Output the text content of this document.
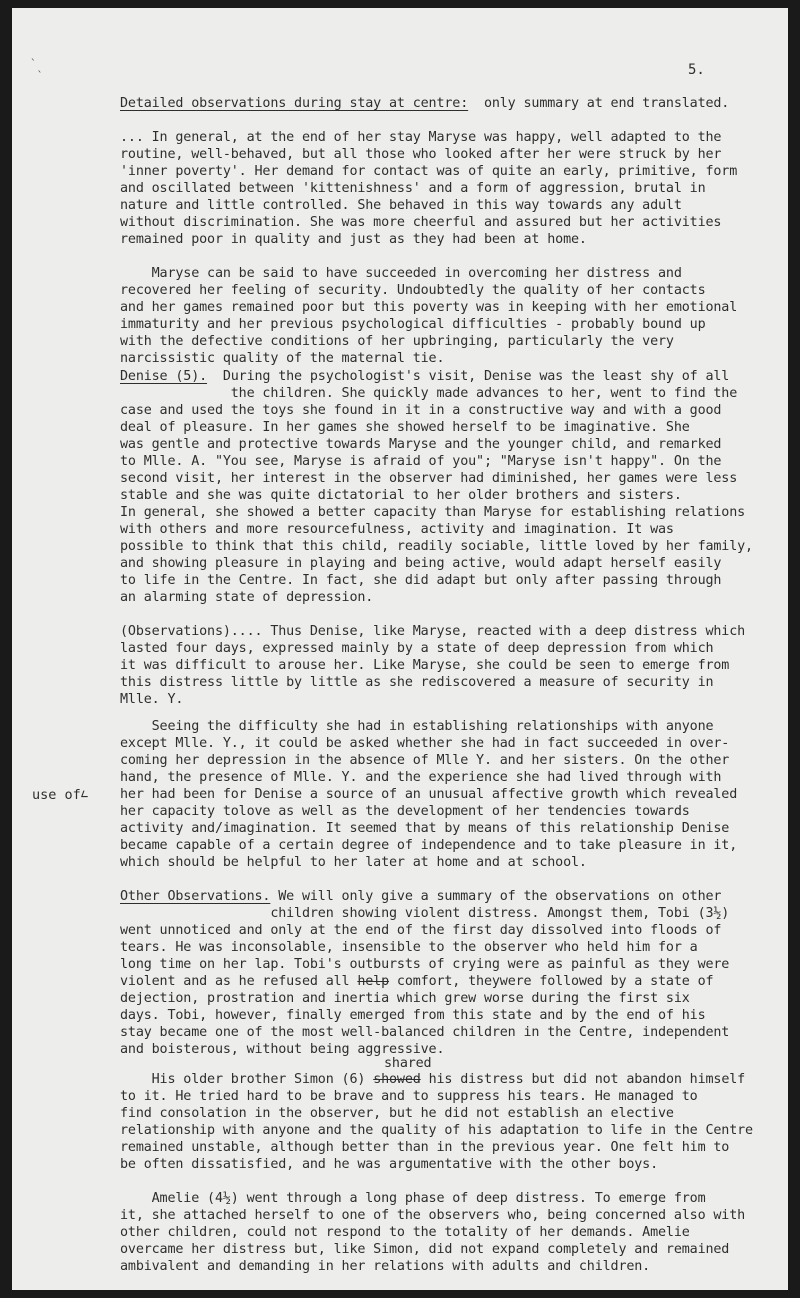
`
`	5.
Detailed observations during stay at centre:  only summary at end translated.
... In general, at the end of her stay Maryse was happy, well adapted to the
routine, well-behaved, but all those who looked after her were struck by her
'inner poverty'. Her demand for contact was of quite an early, primitive, form
and oscillated between 'kittenishness' and a form of aggression, brutal in
nature and little controlled. She behaved in this way towards any adult
without discrimination. She was more cheerful and assured but her activities
remained poor in quality and just as they had been at home.
Maryse can be said to have succeeded in overcoming her distress and
recovered her feeling of security. Undoubtedly the quality of her contacts
and her games remained poor but this poverty was in keeping with her emotional
immaturity and her previous psychological difficulties - probably bound up
with the defective conditions of her upbringing, particularly the very
narcissistic quality of the maternal tie.
Denise (5).  During the psychologist's visit, Denise was the least shy of all
the children. She quickly made advances to her, went to find the
case and used the toys she found in it in a constructive way and with a good
deal of pleasure. In her games she showed herself to be imaginative. She
was gentle and protective towards Maryse and the younger child, and remarked
to Mlle. A. "You see, Maryse is afraid of you"; "Maryse isn't happy". On the
second visit, her interest in the observer had diminished, her games were less
stable and she was quite dictatorial to her older brothers and sisters.
In general, she showed a better capacity than Maryse for establishing relations
with others and more resourcefulness, activity and imagination. It was
possible to think that this child, readily sociable, little loved by her family,
and showing pleasure in playing and being active, would adapt herself easily
to life in the Centre. In fact, she did adapt but only after passing through
an alarming state of depression.
(Observations).... Thus Denise, like Maryse, reacted with a deep distress which
lasted four days, expressed mainly by a state of deep depression from which
it was difficult to arouse her. Like Maryse, she could be seen to emerge from
this distress little by little as she rediscovered a measure of security in
Mlle. Y.
use of∟
Seeing the difficulty she had in establishing relationships with anyone
except Mlle. Y., it could be asked whether she had in fact succeeded in over-
coming her depression in the absence of Mlle Y. and her sisters. On the other
hand, the presence of Mlle. Y. and the experience she had lived through with
her had been for Denise a source of an unusual affective growth which revealed
her capacity tolove as well as the development of her tendencies towards
activity and/imagination. It seemed that by means of this relationship Denise
became capable of a certain degree of independence and to take pleasure in it,
which should be helpful to her later at home and at school.
Other Observations. We will only give a summary of the observations on other
children showing violent distress. Amongst them, Tobi (3½)
went unnoticed and only at the end of the first day dissolved into floods of
tears. He was inconsolable, insensible to the observer who held him for a
long time on her lap. Tobi's outbursts of crying were as painful as they were
violent and as he refused all help comfort, theywere followed by a state of
dejection, prostration and inertia which grew worse during the first six
days. Tobi, however, finally emerged from this state and by the end of his
stay became one of the most well-balanced children in the Centre, independent
and boisterous, without being aggressive.
shared
His older brother Simon (6) showed his distress but did not abandon himself
to it. He tried hard to be brave and to suppress his tears. He managed to
find consolation in the observer, but he did not establish an elective
relationship with anyone and the quality of his adaptation to life in the Centre
remained unstable, although better than in the previous year. One felt him to
be often dissatisfied, and he was argumentative with the other boys.
Amelie (4½) went through a long phase of deep distress. To emerge from
it, she attached herself to one of the observers who, being concerned also with
other children, could not respond to the totality of her demands. Amelie
overcame her distress but, like Simon, did not expand completely and remained
ambivalent and demanding in her relations with adults and children.
